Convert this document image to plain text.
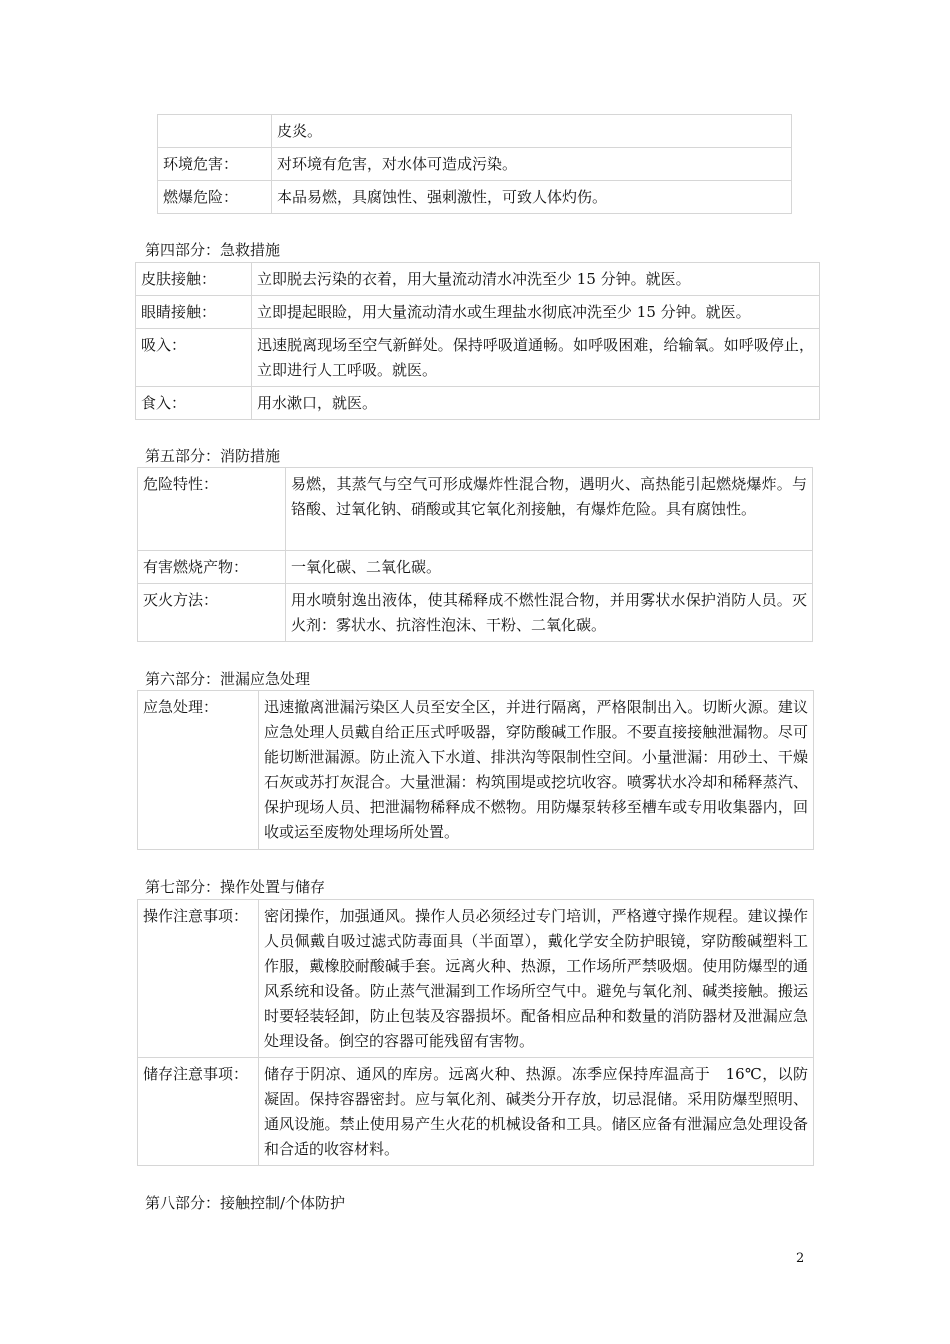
	皮炎。
环境危害：	对环境有危害，对水体可造成污染。
燃爆危险：	本品易燃，具腐蚀性、强刺激性，可致人体灼伤。

第四部分：急救措施

皮肤接触：	立即脱去污染的衣着，用大量流动清水冲洗至少 15 分钟。就医。
眼睛接触：	立即提起眼睑，用大量流动清水或生理盐水彻底冲洗至少 15 分钟。就医。
吸入：	迅速脱离现场至空气新鲜处。保持呼吸道通畅。如呼吸困难，给输氧。如呼吸停止，立即进行人工呼吸。就医。
食入：	用水漱口，就医。

第五部分：消防措施

危险特性：	易燃，其蒸气与空气可形成爆炸性混合物，遇明火、高热能引起燃烧爆炸。与铬酸、过氧化钠、硝酸或其它氧化剂接触，有爆炸危险。具有腐蚀性。
有害燃烧产物：	一氧化碳、二氧化碳。
灭火方法：	用水喷射逸出液体，使其稀释成不燃性混合物，并用雾状水保护消防人员。灭火剂：雾状水、抗溶性泡沫、干粉、二氧化碳。

第六部分：泄漏应急处理

应急处理：	迅速撤离泄漏污染区人员至安全区，并进行隔离，严格限制出入。切断火源。建议应急处理人员戴自给正压式呼吸器，穿防酸碱工作服。不要直接接触泄漏物。尽可能切断泄漏源。防止流入下水道、排洪沟等限制性空间。小量泄漏：用砂土、干燥石灰或苏打灰混合。大量泄漏：构筑围堤或挖坑收容。喷雾状水冷却和稀释蒸汽、保护现场人员、把泄漏物稀释成不燃物。用防爆泵转移至槽车或专用收集器内，回收或运至废物处理场所处置。

第七部分：操作处置与储存

操作注意事项：	密闭操作，加强通风。操作人员必须经过专门培训，严格遵守操作规程。建议操作人员佩戴自吸过滤式防毒面具（半面罩），戴化学安全防护眼镜，穿防酸碱塑料工作服，戴橡胶耐酸碱手套。远离火种、热源，工作场所严禁吸烟。使用防爆型的通风系统和设备。防止蒸气泄漏到工作场所空气中。避免与氧化剂、碱类接触。搬运时要轻装轻卸，防止包装及容器损坏。配备相应品种和数量的消防器材及泄漏应急处理设备。倒空的容器可能残留有害物。
储存注意事项：	储存于阴凉、通风的库房。远离火种、热源。冻季应保持库温高于　16℃，以防凝固。保持容器密封。应与氧化剂、碱类分开存放，切忌混储。采用防爆型照明、通风设施。禁止使用易产生火花的机械设备和工具。储区应备有泄漏应急处理设备和合适的收容材料。

第八部分：接触控制/个体防护

2
